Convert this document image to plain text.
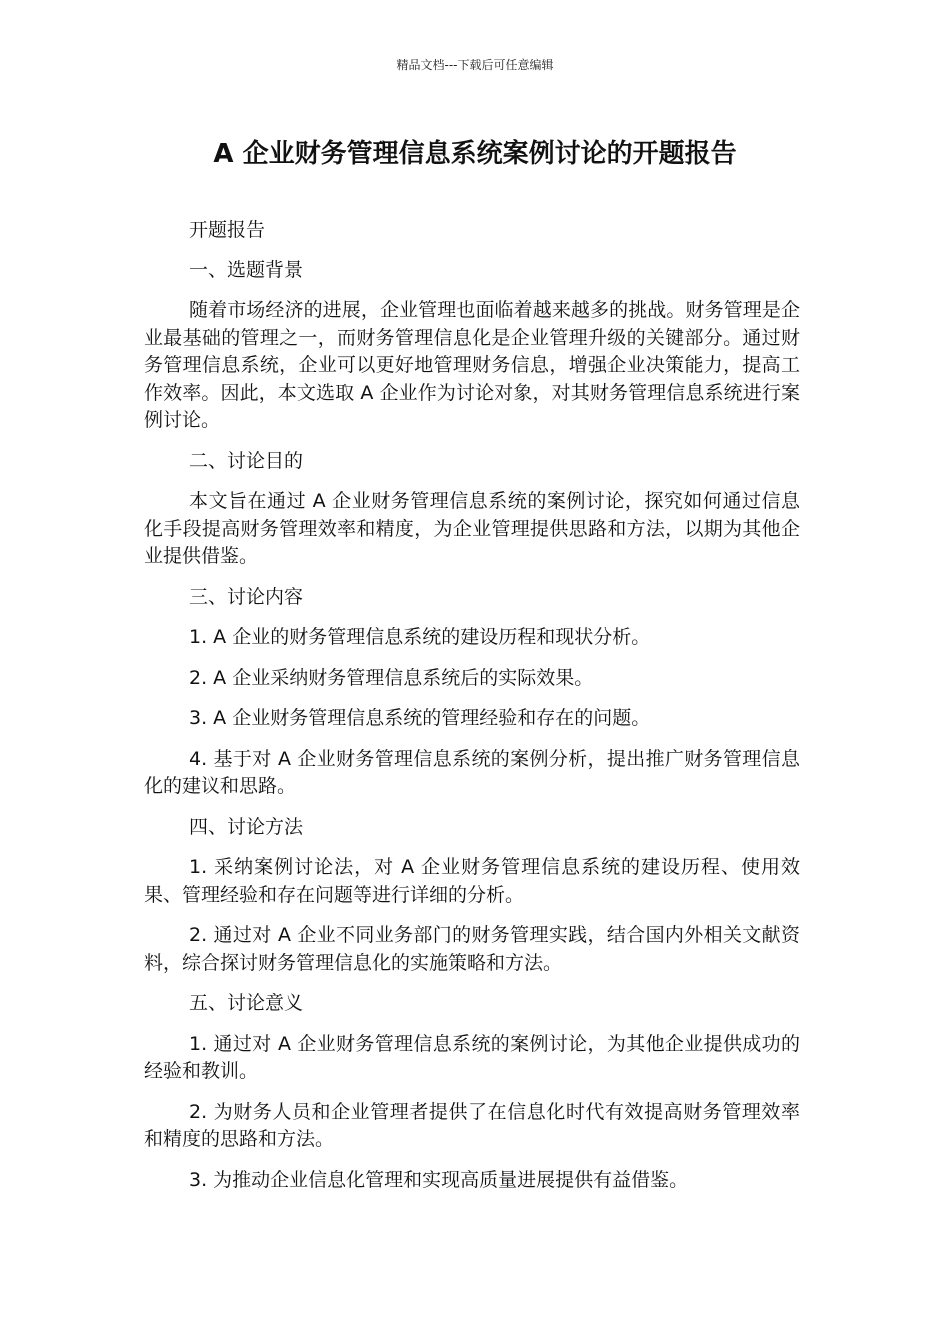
精品文档---下载后可任意编辑
A 企业财务管理信息系统案例讨论的开题报告

开题报告

一、选题背景

随着市场经济的进展，企业管理也面临着越来越多的挑战。财务管理是企业最基础的管理之一，而财务管理信息化是企业管理升级的关键部分。通过财务管理信息系统，企业可以更好地管理财务信息，增强企业决策能力，提高工作效率。因此，本文选取 A 企业作为讨论对象，对其财务管理信息系统进行案例讨论。

二、讨论目的

本文旨在通过 A 企业财务管理信息系统的案例讨论，探究如何通过信息化手段提高财务管理效率和精度，为企业管理提供思路和方法，以期为其他企业提供借鉴。

三、讨论内容

1. A 企业的财务管理信息系统的建设历程和现状分析。

2. A 企业采纳财务管理信息系统后的实际效果。

3. A 企业财务管理信息系统的管理经验和存在的问题。

4. 基于对 A 企业财务管理信息系统的案例分析，提出推广财务管理信息化的建议和思路。

四、讨论方法

1. 采纳案例讨论法，对 A 企业财务管理信息系统的建设历程、使用效果、管理经验和存在问题等进行详细的分析。

2. 通过对 A 企业不同业务部门的财务管理实践，结合国内外相关文献资料，综合探讨财务管理信息化的实施策略和方法。

五、讨论意义

1. 通过对 A 企业财务管理信息系统的案例讨论，为其他企业提供成功的经验和教训。

2. 为财务人员和企业管理者提供了在信息化时代有效提高财务管理效率和精度的思路和方法。

3. 为推动企业信息化管理和实现高质量进展提供有益借鉴。
